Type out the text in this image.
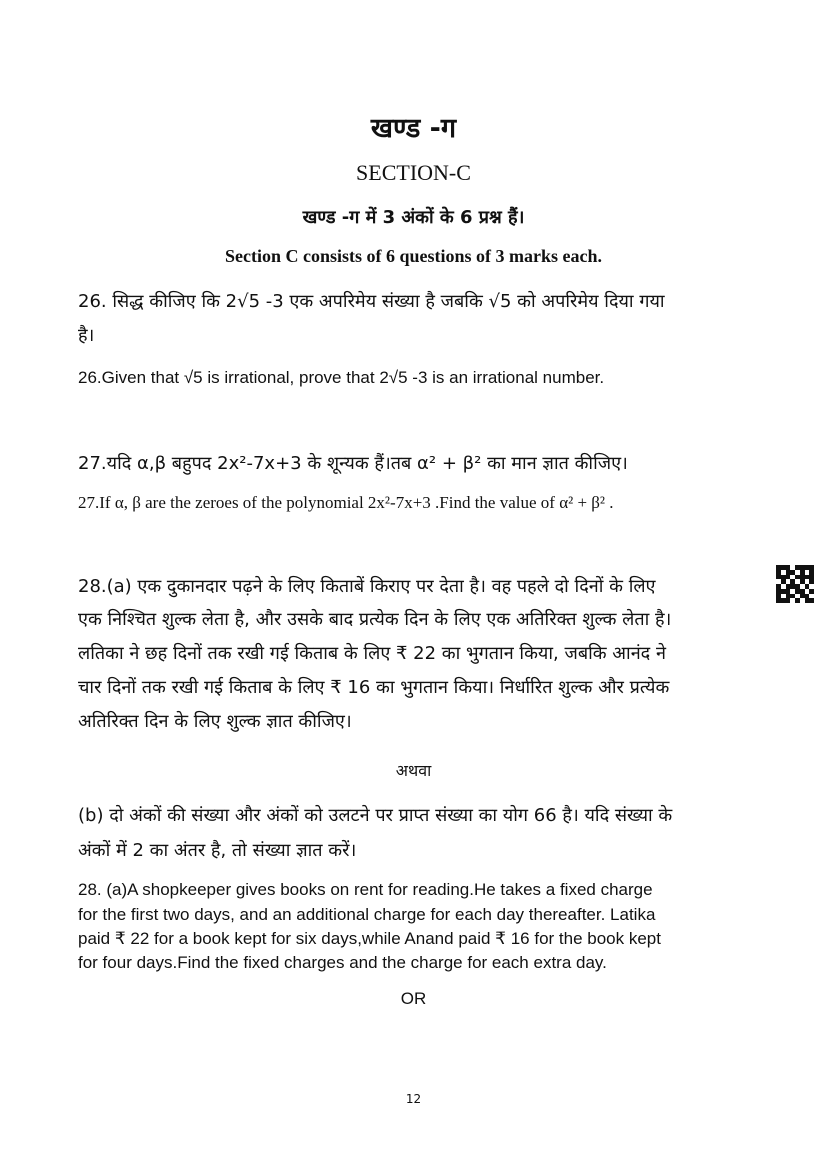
खण्ड -ग
SECTION-C
खण्ड -ग में 3 अंकों के 6 प्रश्न हैं।
Section C consists of 6 questions of 3 marks each.
26. सिद्ध कीजिए कि 2√5 -3 एक अपरिमेय संख्या है जबकि √5 को अपरिमेय दिया गया
है।
26.Given that √5 is irrational, prove that 2√5 -3 is an irrational number.
27.यदि α,β बहुपद 2x²-7x+3 के शून्यक हैं।तब α² + β² का मान ज्ञात कीजिए।
27.If α, β are the zeroes of the polynomial 2x²-7x+3 .Find the value of α² + β² .
28.(a) एक दुकानदार पढ़ने के लिए किताबें किराए पर देता है। वह पहले दो दिनों के लिए
एक निश्चित शुल्क लेता है, और उसके बाद प्रत्येक दिन के लिए एक अतिरिक्त शुल्क लेता है।
लतिका ने छह दिनों तक रखी गई किताब के लिए ₹ 22 का भुगतान किया, जबकि आनंद ने
चार दिनों तक रखी गई किताब के लिए ₹ 16 का भुगतान किया। निर्धारित शुल्क और प्रत्येक
अतिरिक्त दिन के लिए शुल्क ज्ञात कीजिए।
अथवा
(b) दो अंकों की संख्या और अंकों को उलटने पर प्राप्त संख्या का योग 66 है। यदि संख्या के
अंकों में 2 का अंतर है, तो संख्या ज्ञात करें।
28. (a)A shopkeeper gives books on rent for reading.He takes a fixed charge
for the first two days, and an additional charge for each day thereafter. Latika
paid ₹ 22 for a book kept for six days,while Anand paid ₹ 16 for the book kept
for four days.Find the fixed charges and the charge for each extra day.
OR
12
